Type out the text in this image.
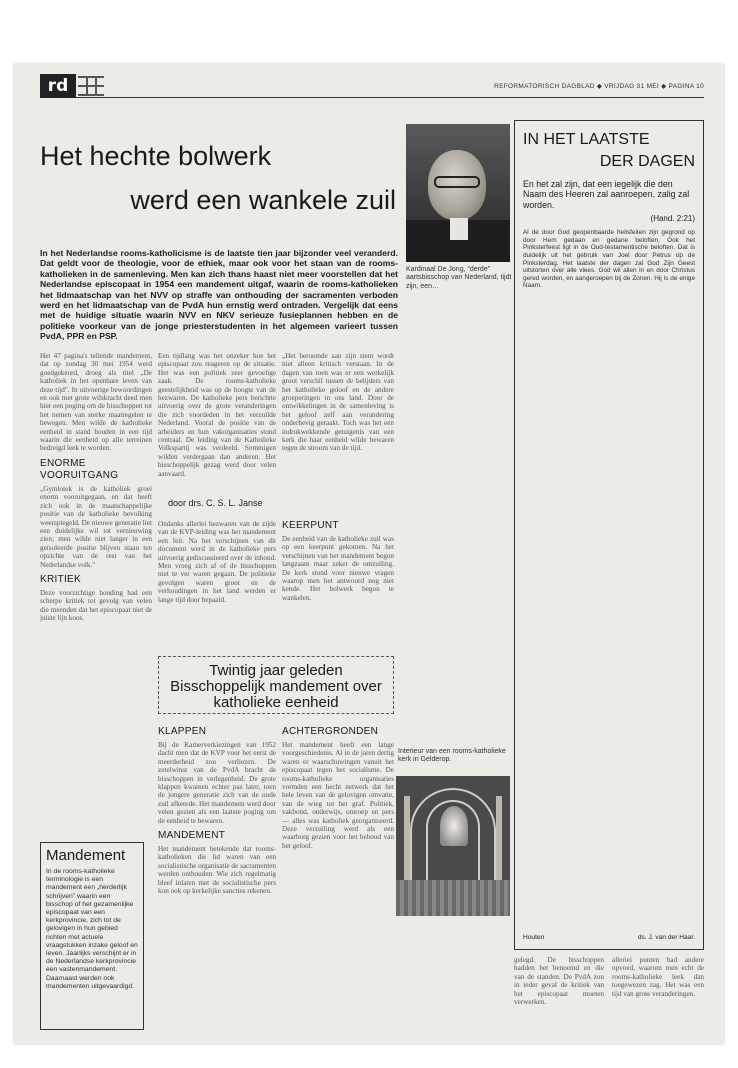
rd	REFORMATORISCH DAGBLAD ◆ VRIJDAG 31 MEI ◆ PAGINA 10
Het hechte bolwerk
werd een wankele zuil
In het Nederlandse rooms-katholicisme is de laatste tien jaar bijzonder veel veranderd. Dat geldt voor de theologie, voor de ethiek, maar ook voor het staan van de rooms-katholieken in de samenleving. Men kan zich thans haast niet meer voorstellen dat het Nederlandse episcopaat in 1954 een mandement uitgaf, waarin de rooms-katholieken het lidmaatschap van het NVV op straffe van onthouding der sacramenten verboden werd en het lidmaatschap van de PvdA hun ernstig werd ontraden. Vergelijk dat eens met de huidige situatie waarin NVV en NKV serieuze fusieplannen hebben en de politieke voorkeur van de jonge priesterstudenten in het algemeen varieert tussen PvdA, PPR en PSP.
Kardinaal De Jong, “derde” aartsbisschop van Nederland, tijdt zijn, een…
Het 47 pagina's tellende mandement, dat op zondag 30 mei 1954 werd goedgekeurd, droeg als titel „De katholiek in het openbare leven van deze tijd". In uitvoerige bewoordingen en ook met grote wilskracht deed men hier een poging om de bisschoppen tot het nemen van sterke maatregelen te bewegen. Men wilde de katholieke eenheid in stand houden in een tijd waarin die eenheid op alle terreinen bedreigd leek te worden.
ENORME VOORUITGANG
„Gymlotek is de katholiek groei enorm vooruitgegaan, en dat heeft zich ook in de maatschappelijke positie van de katholieke bevolking weerspiegeld. De nieuwe generatie liet een duidelijke wil tot vernieuwing zien; men wilde niet langer in een geïsoleerde positie blijven staan ten opzichte van de rest van het Nederlandse volk."
KRITIEK
Deze voorzichtige houding had een scherpe kritiek tot gevolg van velen die meenden dat het episcopaat niet de juiste lijn koos.
Een tijdlang was het onzeker hoe het episcopaat zou reageren op de situatie. Het was een politiek zeer gevoelige zaak. De rooms-katholieke geestelijkheid was op de hoogte van de bezwaren. De katholieke pers berichtte uitvoerig over de grote veranderingen die zich voordeden in het verzuilde Nederland. Vooral de positie van de arbeiders en hun vakorganisaties stond centraal. De leiding van de Katholieke Volkspartij was verdeeld. Sommigen wilden verdergaan dan anderen. Het bisschoppelijk gezag werd door velen aanvaard.
„Het beroemde aan zijn stem wordt niet alleen kritisch verstaan. In de dagen van toen was er een werkelijk groot verschil tussen de belijders van het katholieke geloof en de andere groeperingen in ons land. Door de ontwikkelingen in de samenleving is het geloof zelf aan verandering onderhevig geraakt. Toch was het een indrukwekkende getuigenis van een kerk die haar eenheid wilde bewaren tegen de stroom van de tijd.
door drs. C. S. L. Janse
Ondanks allerlei bezwaren van de zijde van de KVP-leiding was het mandement een feit. Na het verschijnen van dit document werd in de katholieke pers uitvoerig gediscussieerd over de inhoud. Men vroeg zich af of de bisschoppen niet te ver waren gegaan. De politieke gevolgen waren groot en de verhoudingen in het land werden er lange tijd door bepaald.
KEERPUNT
De eenheid van de katholieke zuil was op een keerpunt gekomen. Na het verschijnen van het mandement begon langzaam maar zeker de ontzuiling. De kerk stond voor nieuwe vragen waarop men het antwoord nog niet kende. Het bolwerk begon te wankelen.
Twintig jaar geleden Bisschoppelijk mandement over katholieke eenheid
KLAPPEN
Bij de Kamerverkiezingen van 1952 dacht men dat de KVP voor het eerst de meerderheid zou verliezen. De zetelwinst van de PvdA bracht de bisschoppen in verlegenheid. De grote klappen kwamen echter pas later, toen de jongere generatie zich van de oude zuil afkeerde. Het mandement werd door velen gezien als een laatste poging om de eenheid te bewaren.
MANDEMENT
Het mandement betekende dat rooms-katholieken die lid waren van een socialistische organisatie de sacramenten werden onthouden. Wie zich regelmatig bleef inlaten met de socialistische pers kon ook op kerkelijke sancties rekenen.
ACHTERGRONDEN
Het mandement heeft een lange voorgeschiedenis. Al in de jaren dertig waren er waarschuwingen vanuit het episcopaat tegen het socialisme. De rooms-katholieke organisaties vormden een hecht netwerk dat het hele leven van de gelovigen omvatte, van de wieg tot het graf. Politiek, vakbond, onderwijs, omroep en pers — alles was katholiek georganiseerd. Deze verzuiling werd als een waarborg gezien voor het behoud van het geloof.
Mandement

In de rooms-katholieke terminologie is een mandement een „herderlijk schrijven” waarin een bisschop of het gezamenlijke episcopaat van een kerkprovincie, zich tot de gelovigen in hun gebied richten met actuele vraagstukken inzake geloof en leven. Jaarlijks verschijnt er in de Nederlandse kerkprovincie een vastenmandement. Daarnaast werden ook mandementen uitgevaardigd.

Interieur van een rooms-katholieke kerk in Gelderop.
IN HET LAATSTE
DER DAGEN
En het zal zijn, dat een iegelijk die den Naam des Heeren zal aanroepen, zalig zal worden.
(Hand. 2:21)
Al de door God geopenbaarde heilsfeiten zijn gegrond op door Hem gedaan en gedane beloften. Ook het Pinksterfeest ligt in de Oud-testamentische beloften. Dat is duidelijk uit het gebruik van Joel door Petrus op de Pinksterdag. Het laatste der dagen zal God Zijn Geest uitstorten over alle vlees. God wil allen in en door Christus gered worden, en aangeroepen bij de Zonen. Hij is de enige Naam.
Houten	ds. J. van der Haar.
gelegd. De bisschoppen hadden het benoemd en die van de standen. De PvdA zou in ieder geval de kritiek van het episcopaat moeten verwerken.
alleriei punten had andere opvoed, waarom men echt de rooms-katholieke leek dan toegewezen zag. Het was een tijd van grote veranderingen.
